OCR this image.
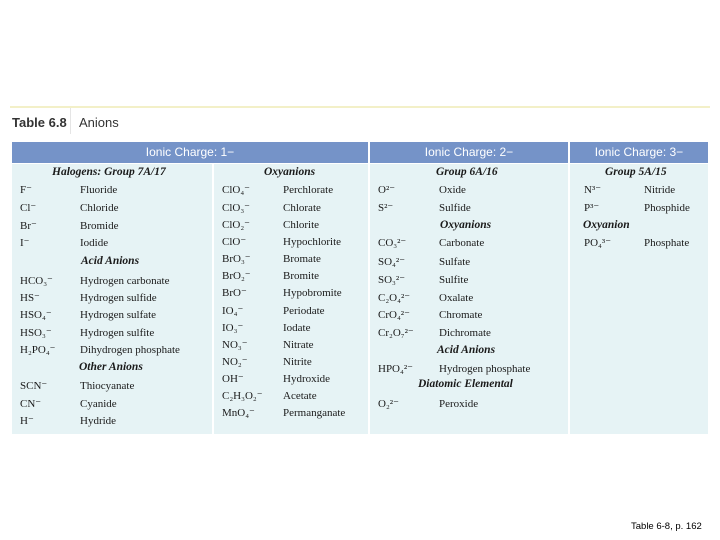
Table 6.8 Anions
Ionic Charge: 1−	Ionic Charge: 2−	Ionic Charge: 3−
Halogens: Group 7A/17	Oxyanions	Group 6A/16	Group 5A/15
Acid Anions
Other Anions
Oxyanions
Acid Anions
Diatomic Elemental
Oxyanion
F⁻	Fluoride
Cl⁻	Chloride
Br⁻	Bromide
I⁻	Iodide
HCO₃⁻ Hydrogen carbonate
HS⁻	Hydrogen sulfide
HSO₄⁻	Hydrogen sulfate
HSO₃⁻	Hydrogen sulfite
H₂PO₄⁻ Dihydrogen phosphate
SCN⁻	Thiocyanate
CN⁻	Cyanide
H⁻	Hydride
ClO₄⁻	Perchlorate
ClO₃⁻	Chlorate
ClO₂⁻	Chlorite
ClO⁻	Hypochlorite
BrO₃⁻	Bromate
BrO₂⁻	Bromite
BrO⁻	Hypobromite
IO₄⁻	Periodate
IO₃⁻	Iodate
NO₃⁻	Nitrate
NO₂⁻	Nitrite
OH⁻	Hydroxide
C₂H₃O₂⁻ Acetate
MnO₄⁻	Permanganate
O²⁻	Oxide
S²⁻	Sulfide
CO₃²⁻	Carbonate
SO₄²⁻	Sulfate
SO₃²⁻	Sulfite
C₂O₄²⁻	Oxalate
CrO₄²⁻	Chromate
Cr₂O₇²⁻ Dichromate
HPO₄²⁻ Hydrogen phosphate
O₂²⁻	Peroxide
N³⁻	Nitride
P³⁻	Phosphide
PO₄³⁻	Phosphate
Table 6-8, p. 162
